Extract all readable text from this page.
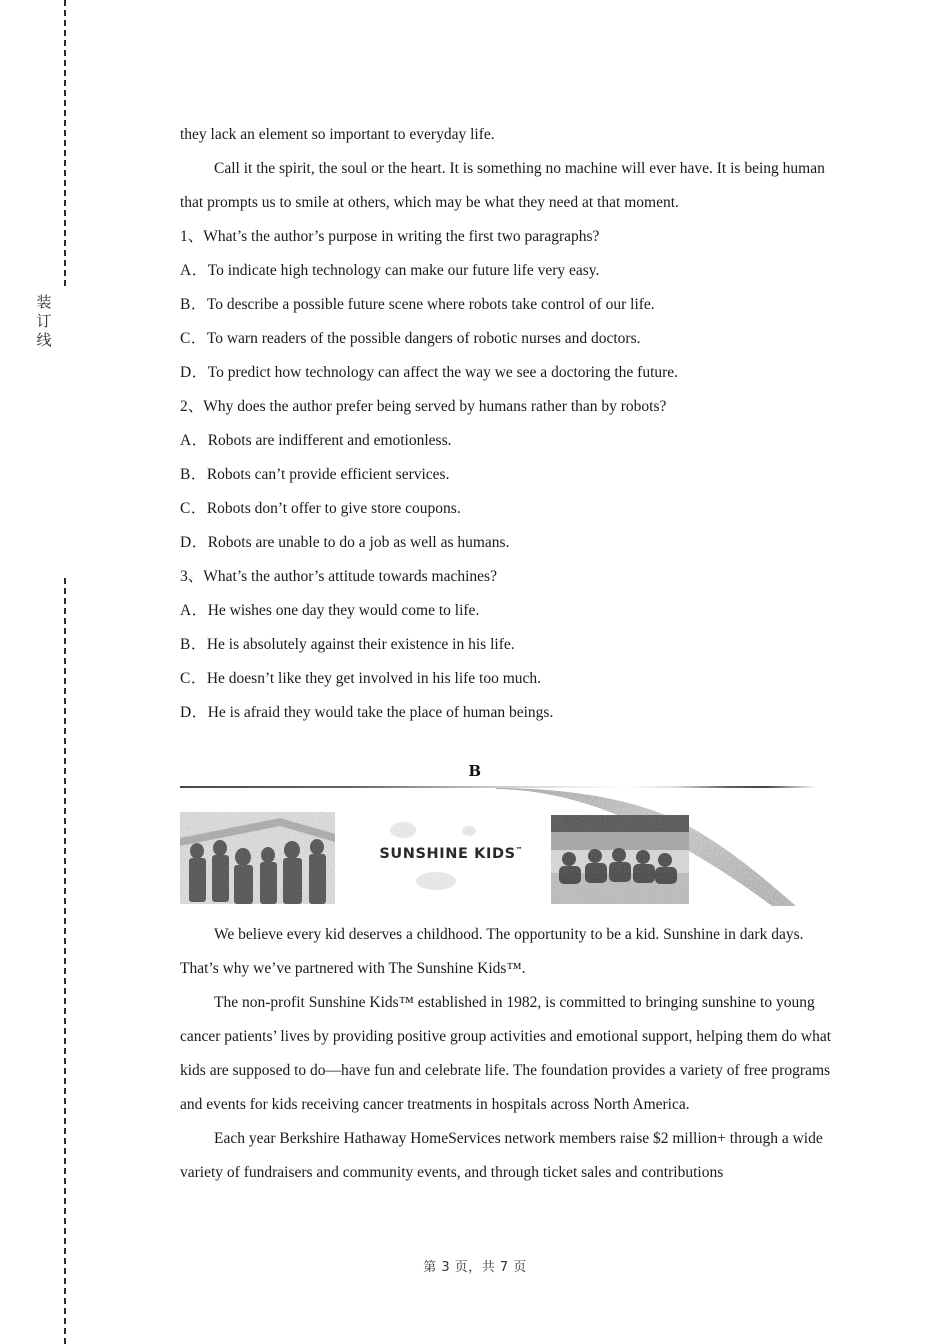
装
订
线

they lack an element so important to everyday life.

Call it the spirit, the soul or the heart. It is something no machine will ever have. It is being human that prompts us to smile at others, which may be what they need at that moment.

1、What’s the author’s purpose in writing the first two paragraphs?

A．To indicate high technology can make our future life very easy.

B．To describe a possible future scene where robots take control of our life.

C．To warn readers of the possible dangers of robotic nurses and doctors.

D．To predict how technology can affect the way we see a doctoring the future.

2、Why does the author prefer being served by humans rather than by robots?

A．Robots are indifferent and emotionless.

B．Robots can’t provide efficient services.

C．Robots don’t offer to give store coupons.

D．Robots are unable to do a job as well as humans.

3、What’s the author’s attitude towards machines?

A．He wishes one day they would come to life.

B．He is absolutely against their existence in his life.

C．He doesn’t like they get involved in his life too much.

D．He is afraid they would take the place of human beings.

B
SUNSHINE KIDS™

We believe every kid deserves a childhood. The opportunity to be a kid. Sunshine in dark days. That’s why we’ve partnered with The Sunshine Kids™.

The non-profit Sunshine Kids™ established in 1982, is committed to bringing sunshine to young cancer patients’ lives by providing positive group activities and emotional support, helping them do what kids are supposed to do—have fun and celebrate life. The foundation provides a variety of free programs and events for kids receiving cancer treatments in hospitals across North America.

Each year Berkshire Hathaway HomeServices network members raise $2 million+ through a wide variety of fundraisers and community events, and through ticket sales and contributions

第 3 页，共 7 页
